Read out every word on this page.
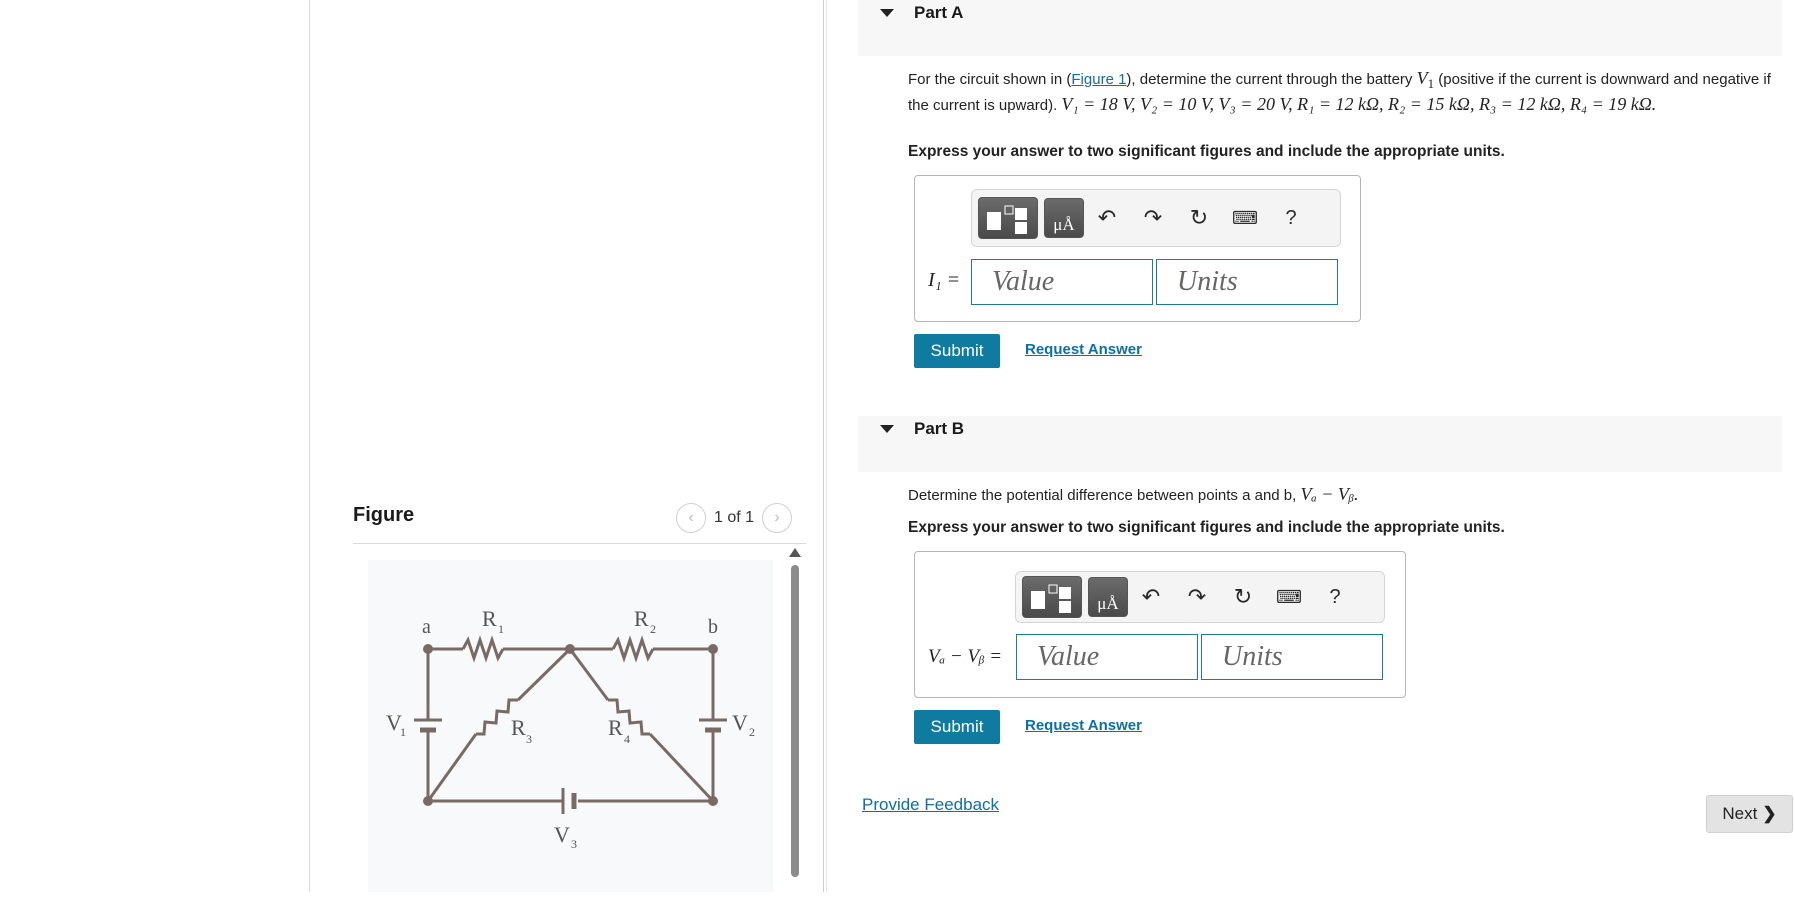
Figure	‹ 1 of 1 ›
a	b
R 1	R 2
R 3	R 4
V
1	V 2
V 3
Part A
For the circuit shown in (Figure 1), determine the current through the battery $V_1$ (positive if the current is downward and negative if the current is upward). V₁ = 18 V, V₂ = 10 V, V₃ = 20 V, R₁ = 12 kΩ, R₂ = 15 kΩ, R₃ = 12 kΩ, R₄ = 19 kΩ.
Express your answer to two significant figures and include the appropriate units.
μÅ	↶	↷	↻	⌨	?
I₁ =	Value	Units
Submit	Request Answer
Part B
Determine the potential difference between points a and b, Vₐ − Vᵦ.
Express your answer to two significant figures and include the appropriate units.
μÅ	↶	↷	↻	⌨	?
Vₐ − Vᵦ =	Value	Units
Submit	Request Answer
Provide Feedback	Next ❯
